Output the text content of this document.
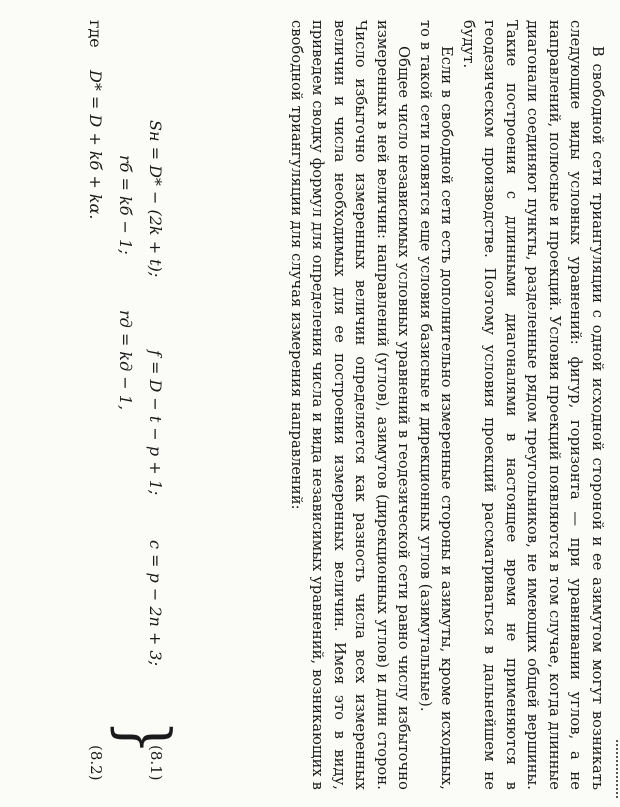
В свободной сети триангуляции с одной исходной стороной и ее азимутом могут возникать следующие виды условных уравнений: фигур, горизонта — при уравнивании углов, а не направлений, полюсные и проекций. Условия проекций появляются в том случае, когда длинные диагонали соединяют пункты, разделенные рядом треугольников, не имеющих общей вершины. Такие построения с длинными диагоналями в настоящее время не применяются в геодезическом производстве. Поэтому условия проекций рассматриваться в дальнейшем не будут.

Если в свободной сети есть дополнительно измеренные стороны и азимуты, кроме исходных, то в такой сети появятся еще условия базисные и дирекционных углов (азимутальные).

Общее число независимых условных уравнений в геодезической сети равно числу избыточно измеренных в ней величин: направлений (углов), азимутов (дирекционных углов) и длин сторон. Число избыточно измеренных величин определяется как разность числа всех измеренных величин и числа необходимых для ее построения измеренных величин. Имея это в виду, приведем сводку формул для определения числа и вида независимых уравнений, возникающих в свободной триангуляции для случая измерения направлений:

Sн = D* − (2k + t);
f = D − t − p + 1;
c = p − 2n + 3;
}
(8.1)
rб = kб − 1;
rд = kд − 1,
где
D* = D + kб + kα.
(8.2)
